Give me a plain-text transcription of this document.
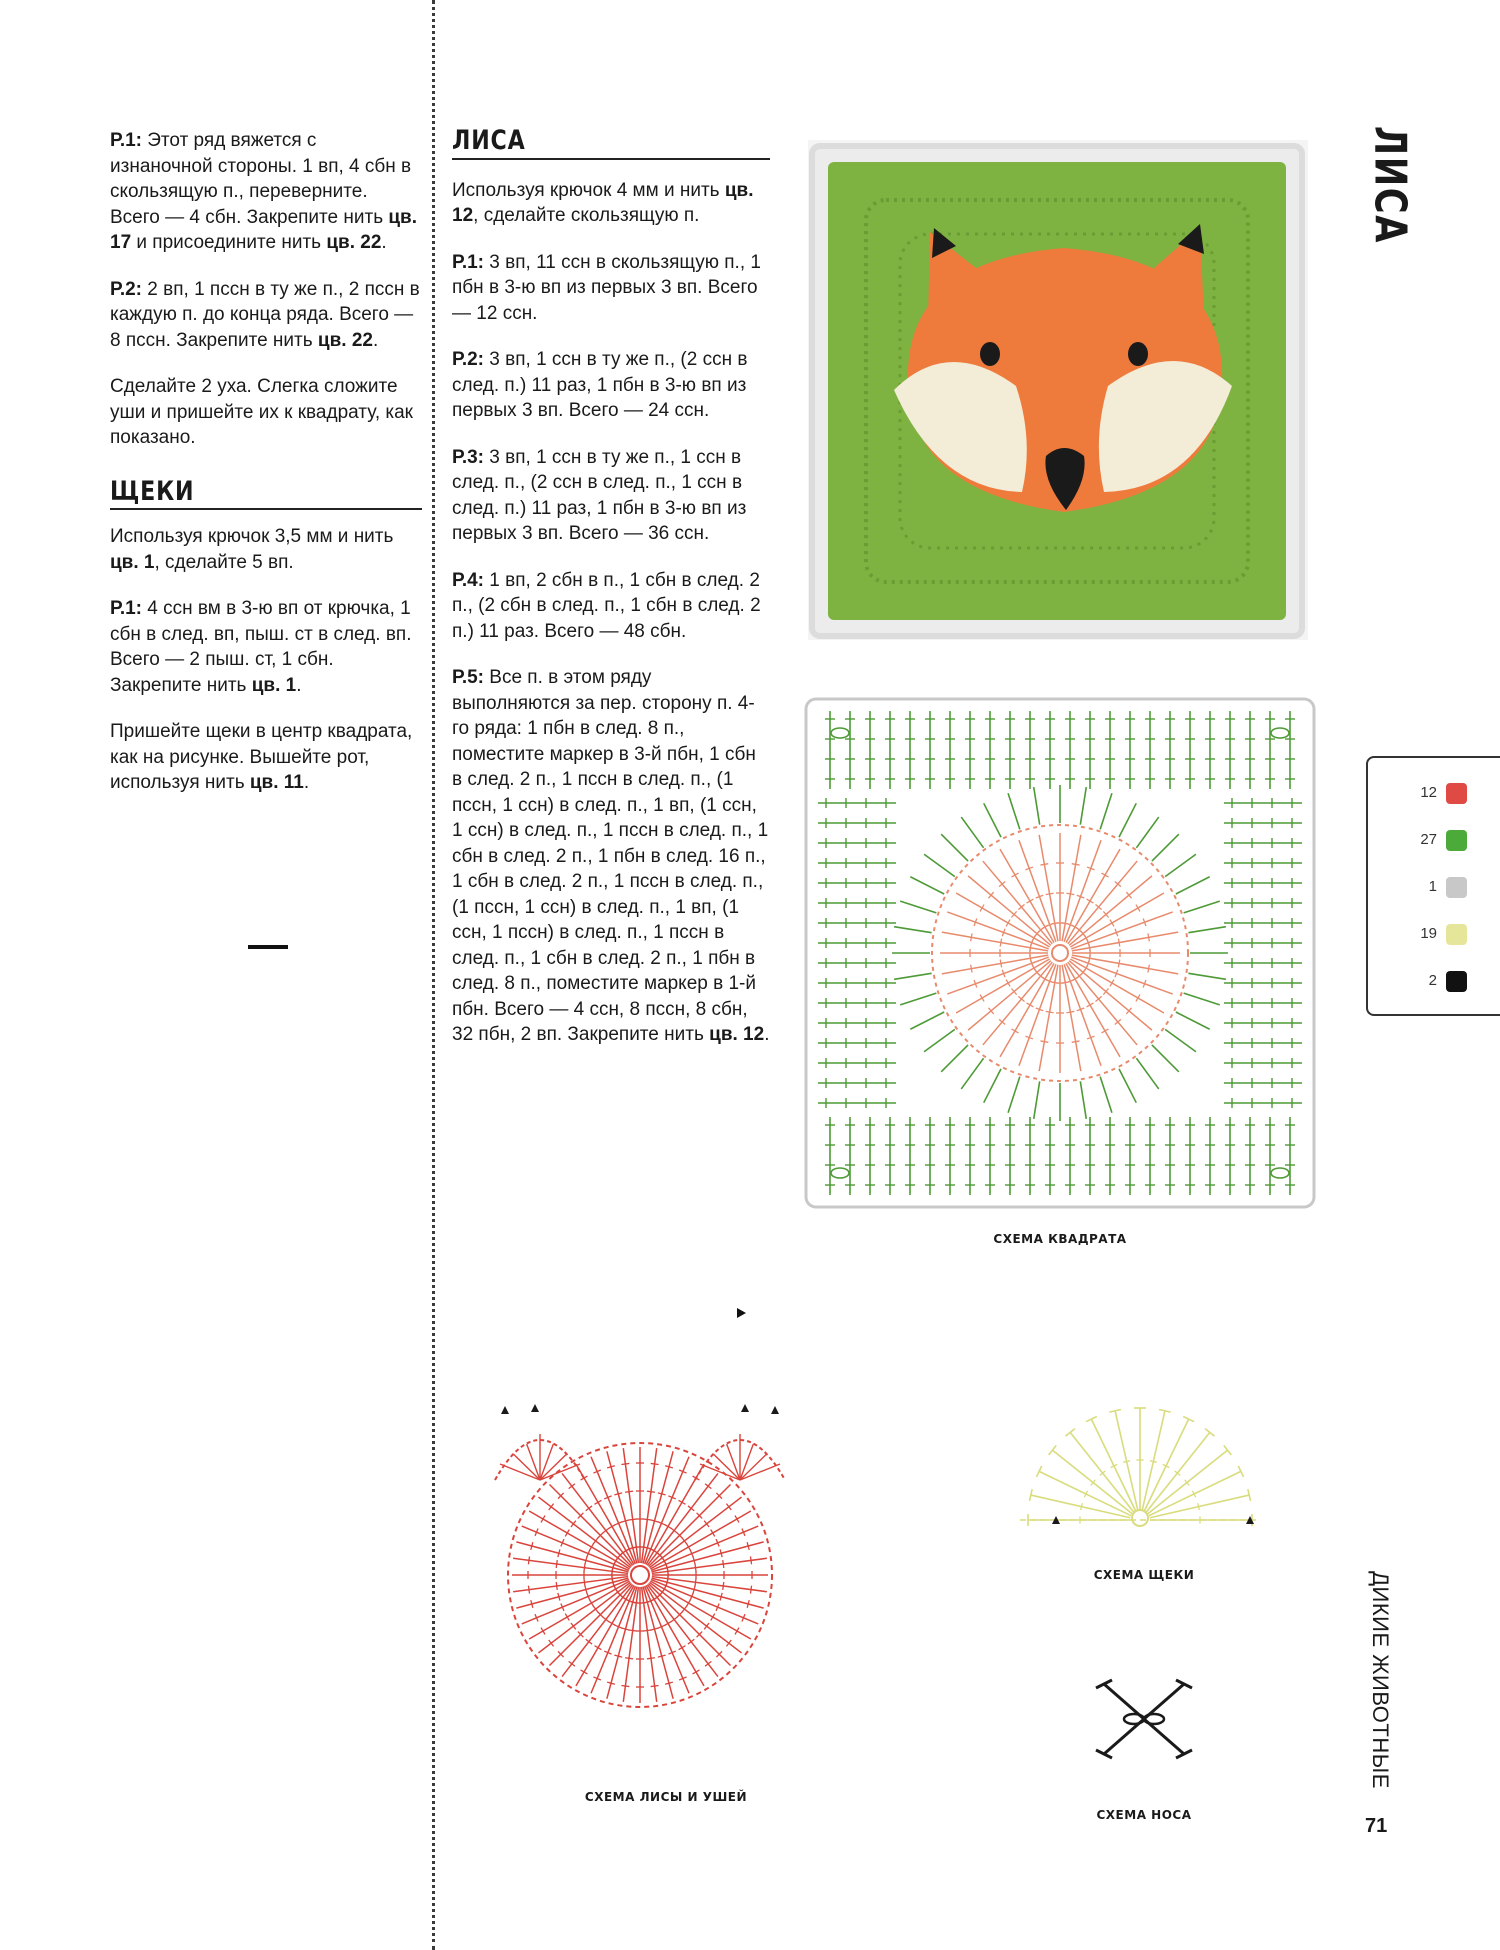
Р.1: Этот ряд вяжется с изнаночной стороны. 1 вп, 4 сбн в скользящую п., переверните. Всего — 4 сбн. Закрепите нить цв. 17 и присоедините нить цв. 22.

Р.2: 2 вп, 1 пссн в ту же п., 2 пссн в каждую п. до конца ряда. Всего — 8 пссн. Закрепите нить цв. 22.

Сделайте 2 уха. Слегка сложите уши и пришейте их к квадрату, как показано.

ЩЕКИ

Используя крючок 3,5 мм и нить цв. 1, сделайте 5 вп.

Р.1: 4 ссн вм в 3-ю вп от крючка, 1 сбн в след. вп, пыш. ст в след. вп. Всего — 2 пыш. ст, 1 сбн. Закрепите нить цв. 1.

Пришейте щеки в центр квадрата, как на рисунке. Вышейте рот, используя нить цв. 11.

ЛИСА

Используя крючок 4 мм и нить цв. 12, сделайте скользящую п.

Р.1: 3 вп, 11 ссн в скользящую п., 1 пбн в 3-ю вп из первых 3 вп. Всего — 12 ссн.

Р.2: 3 вп, 1 ссн в ту же п., (2 ссн в след. п.) 11 раз, 1 пбн в 3-ю вп из первых 3 вп. Всего — 24 ссн.

Р.3: 3 вп, 1 ссн в ту же п., 1 ссн в след. п., (2 ссн в след. п., 1 ссн в след. п.) 11 раз, 1 пбн в 3-ю вп из первых 3 вп. Всего — 36 ссн.

Р.4: 1 вп, 2 сбн в п., 1 сбн в след. 2 п., (2 сбн в след. п., 1 сбн в след. 2 п.) 11 раз. Всего — 48 сбн.

Р.5: Все п. в этом ряду выполняются за пер. сторону п. 4-го ряда: 1 пбн в след. 8 п., поместите маркер в 3-й пбн, 1 сбн в след. 2 п., 1 пссн в след. п., (1 пссн, 1 ссн) в след. п., 1 вп, (1 ссн, 1 ссн) в след. п., 1 пссн в след. п., 1 сбн в след. 2 п., 1 пбн в след. 16 п., 1 сбн в след. 2 п., 1 пссн в след. п., (1 пссн, 1 ссн) в след. п., 1 вп, (1 ссн, 1 пссн) в след. п., 1 пссн в след. п., 1 сбн в след. 2 п., 1 пбн в след. 8 п., поместите маркер в 1-й пбн. Всего — 4 ссн, 8 пссн, 8 сбн, 32 пбн, 2 вп. Закрепите нить цв. 12.

ЛИСА
12
27
1
19
2
СХЕМА КВАДРАТА
СХЕМА ЛИСЫ И УШЕЙ
СХЕМА ЩЕКИ
СХЕМА НОСА
ДИКИЕ ЖИВОТНЫЕ
71
